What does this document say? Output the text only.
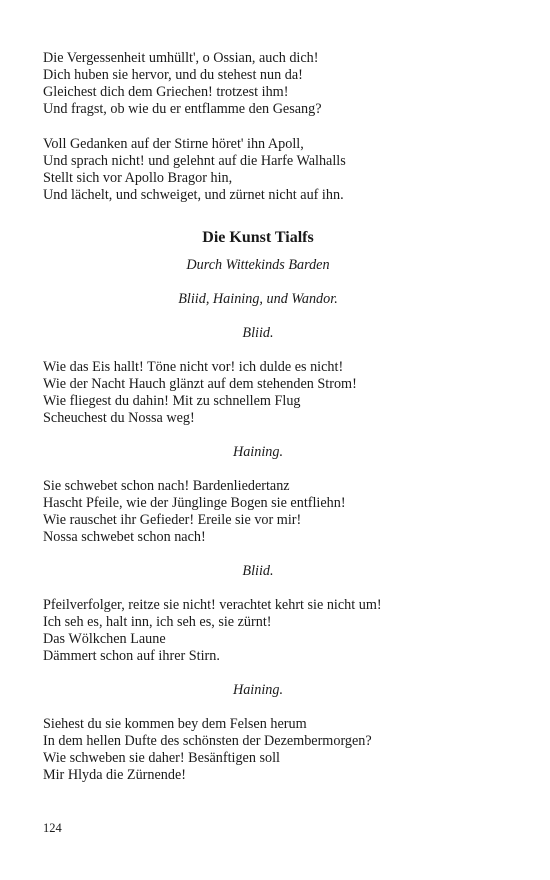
Die Vergessenheit umhüllt', o Ossian, auch dich!
Dich huben sie hervor, und du stehest nun da!
Gleichest dich dem Griechen! trotzest ihm!
Und fragst, ob wie du er entflamme den Gesang?
Voll Gedanken auf der Stirne höret' ihn Apoll,
Und sprach nicht! und gelehnt auf die Harfe Walhalls
Stellt sich vor Apollo Bragor hin,
Und lächelt, und schweiget, und zürnet nicht auf ihn.
Die Kunst Tialfs
Durch Wittekinds Barden
Bliid, Haining, und Wandor.
Bliid.
Wie das Eis hallt! Töne nicht vor! ich dulde es nicht!
Wie der Nacht Hauch glänzt auf dem stehenden Strom!
Wie fliegest du dahin! Mit zu schnellem Flug
Scheuchest du Nossa weg!
Haining.
Sie schwebet schon nach! Bardenliedertanz
Hascht Pfeile, wie der Jünglinge Bogen sie entfliehn!
Wie rauschet ihr Gefieder! Ereile sie vor mir!
Nossa schwebet schon nach!
Bliid.
Pfeilverfolger, reitze sie nicht! verachtet kehrt sie nicht um!
Ich seh es, halt inn, ich seh es, sie zürnt!
Das Wölkchen Laune
Dämmert schon auf ihrer Stirn.
Haining.
Siehest du sie kommen bey dem Felsen herum
In dem hellen Dufte des schönsten der Dezembermorgen?
Wie schweben sie daher! Besänftigen soll
Mir Hlyda die Zürnende!
124
